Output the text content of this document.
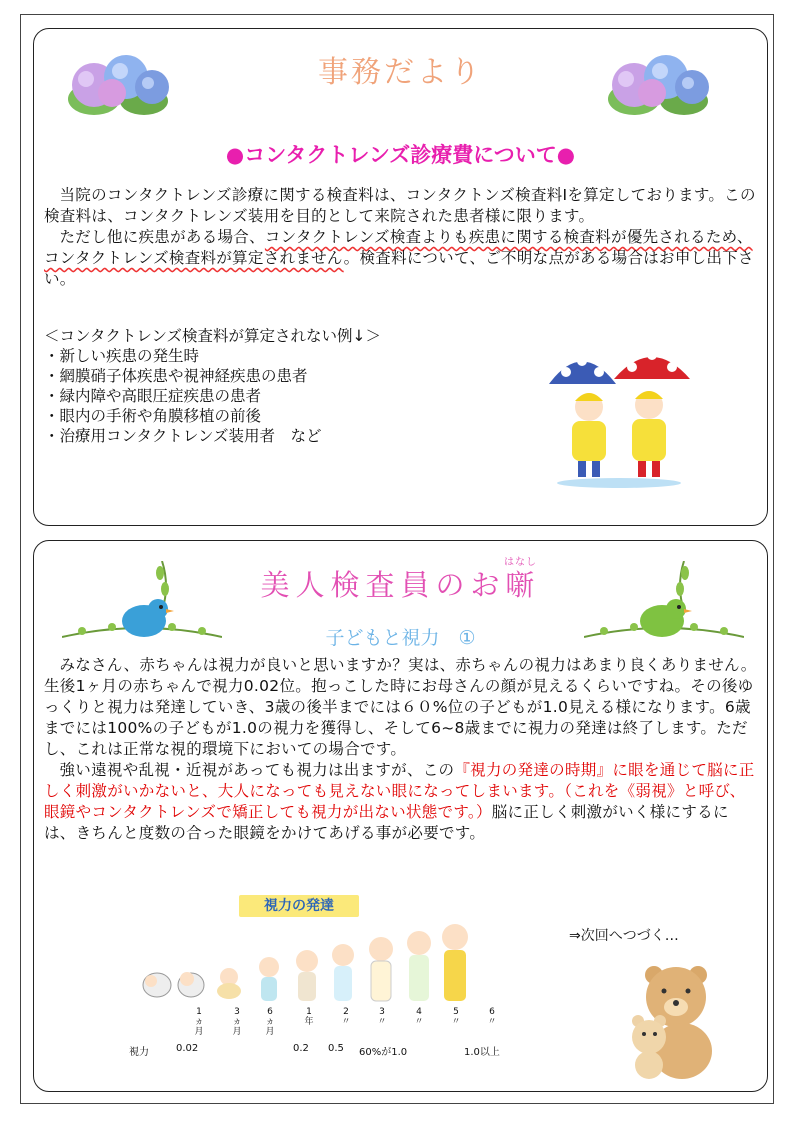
事務だより
●コンタクトレンズ診療費について●

当院のコンタクトレンズ診療に関する検査料は、コンタクトンズ検査料Ⅰを算定しております。この検査料は、コンタクトレンズ装用を目的として来院された患者様に限ります。

ただし他に疾患がある場合、コンタクトレンズ検査よりも疾患に関する検査料が優先されるため、コンタクトレンズ検査料が算定されません。検査料について、ご不明な点がある場合はお申し出下さい。

＜コンタクトレンズ検査料が算定されない例↓＞
・新しい疾患の発生時
・網膜硝子体疾患や視神経疾患の患者
・緑内障や高眼圧症疾患の患者
・眼内の手術や角膜移植の前後
・治療用コンタクトレンズ装用者　など
美人検査員のお噺
はなし
子どもと視力　①

みなさん、赤ちゃんは視力が良いと思いますか？実は、赤ちゃんの視力はあまり良くありません。生後1ヶ月の赤ちゃんで視力0.02位。抱っこした時にお母さんの顔が見えるくらいですね。その後ゆっくりと視力は発達していき、3歳の後半までには６０%位の子どもが1.0見える様になります。6歳までには100%の子どもが1.0の視力を獲得し、そして6~8歳までに視力の発達は終了します。ただし、これは正常な視的環境下においての場合です。

強い遠視や乱視・近視があっても視力は出ますが、この『視力の発達の時期』に眼を通じて脳に正しく刺激がいかないと、大人になっても見えない眼になってしまいます。（これを《弱視》と呼び、眼鏡やコンタクトレンズで矯正しても視力が出ない状態です。）脳に正しく刺激がいく様にするには、きちんと度数の合った眼鏡をかけてあげる事が必要です。

視力の発達
1ヵ月
3ヵ月
6ヵ月
1年
2〃
3〃
4〃
5〃
6〃
視力	0.02	0.2 0.5 60%が1.0	1.0以上
⇒次回へつづく…
